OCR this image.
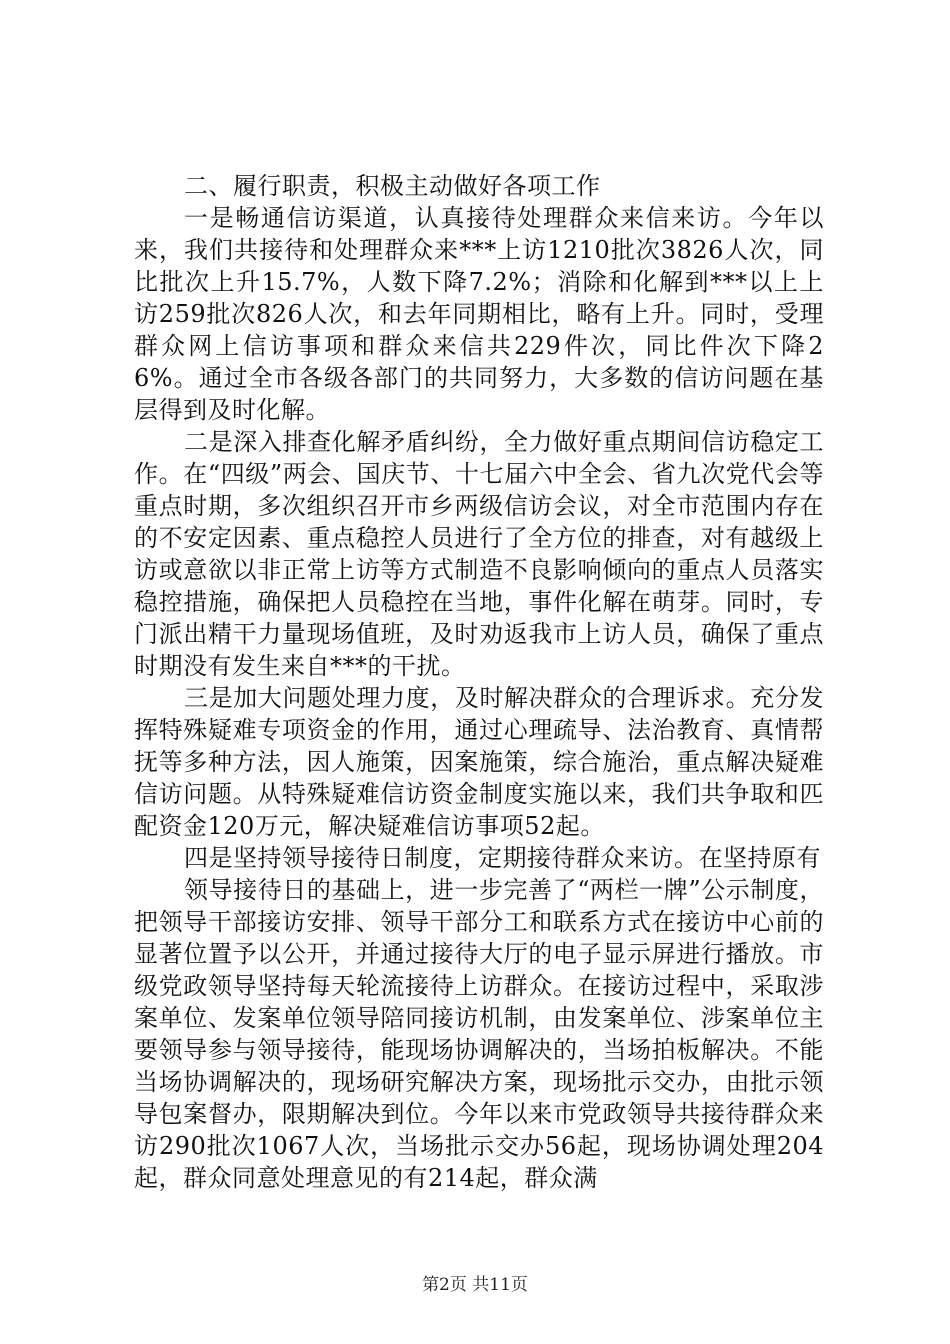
二、履行职责，积极主动做好各项工作

一是畅通信访渠道，认真接待处理群众来信来访。今年以来，我们共接待和处理群众来***上访1210批次3826人次，同比批次上升15.7%，人数下降7.2%；消除和化解到***以上上访259批次826人次，和去年同期相比，略有上升。同时，受理群众网上信访事项和群众来信共229件次，同比件次下降26%。通过全市各级各部门的共同努力，大多数的信访问题在基层得到及时化解。

二是深入排查化解矛盾纠纷，全力做好重点期间信访稳定工作。在“四级”两会、国庆节、十七届六中全会、省九次党代会等重点时期，多次组织召开市乡两级信访会议，对全市范围内存在的不安定因素、重点稳控人员进行了全方位的排查，对有越级上访或意欲以非正常上访等方式制造不良影响倾向的重点人员落实稳控措施，确保把人员稳控在当地，事件化解在萌芽。同时，专门派出精干力量现场值班，及时劝返我市上访人员，确保了重点时期没有发生来自***的干扰。

三是加大问题处理力度，及时解决群众的合理诉求。充分发挥特殊疑难专项资金的作用，通过心理疏导、法治教育、真情帮抚等多种方法，因人施策，因案施策，综合施治，重点解决疑难信访问题。从特殊疑难信访资金制度实施以来，我们共争取和匹配资金120万元，解决疑难信访事项52起。

四是坚持领导接待日制度，定期接待群众来访。在坚持原有

领导接待日的基础上，进一步完善了“两栏一牌”公示制度，把领导干部接访安排、领导干部分工和联系方式在接访中心前的显著位置予以公开，并通过接待大厅的电子显示屏进行播放。市级党政领导坚持每天轮流接待上访群众。在接访过程中，采取涉案单位、发案单位领导陪同接访机制，由发案单位、涉案单位主要领导参与领导接待，能现场协调解决的，当场拍板解决。不能当场协调解决的，现场研究解决方案，现场批示交办，由批示领导包案督办，限期解决到位。今年以来市党政领导共接待群众来访290批次1067人次，当场批示交办56起，现场协调处理204起，群众同意处理意见的有214起，群众满

第2页 共11页
